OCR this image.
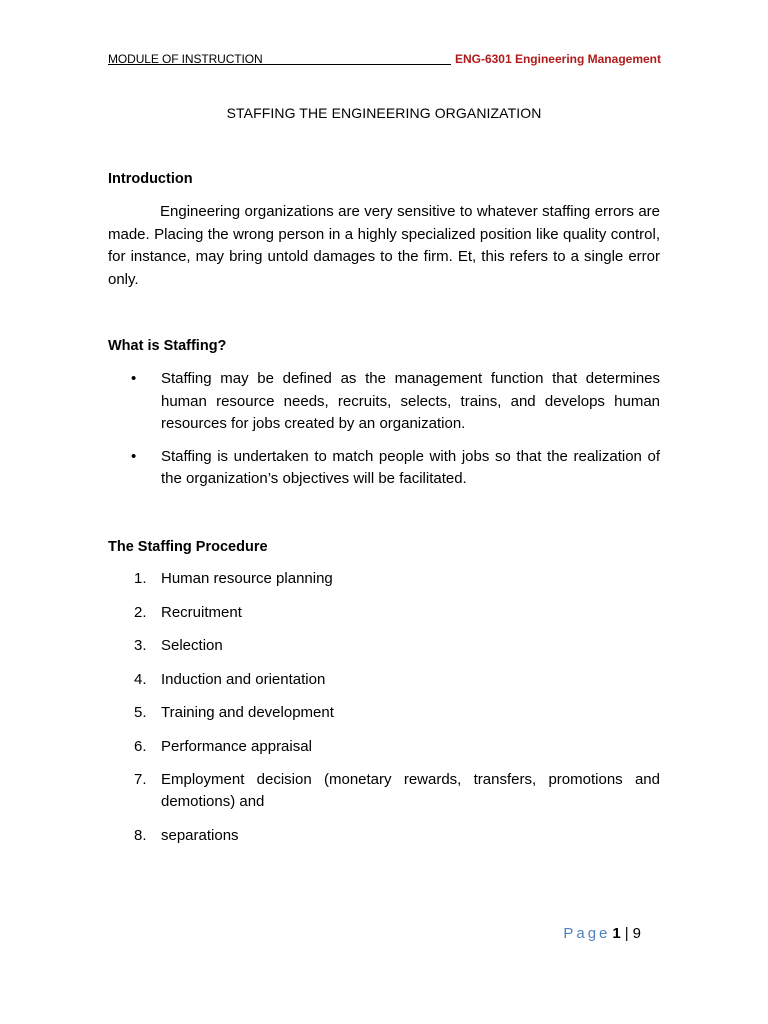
MODULE OF INSTRUCTION	ENG-6301 Engineering Management
STAFFING THE ENGINEERING ORGANIZATION
Introduction

Engineering organizations are very sensitive to whatever staffing errors are made. Placing the wrong person in a highly specialized position like quality control, for instance, may bring untold damages to the firm. Et, this refers to a single error only.

What is Staffing?
• Staffing may be defined as the management function that determines human resource needs, recruits, selects, trains, and develops human resources for jobs created by an organization.
• Staffing is undertaken to match people with jobs so that the realization of the organization’s objectives will be facilitated.
The Staffing Procedure
1. Human resource planning
2. Recruitment
3. Selection
4. Induction and orientation
5. Training and development
6. Performance appraisal
7. Employment decision (monetary rewards, transfers, promotions and demotions) and
8. separations
Page 1 | 9
